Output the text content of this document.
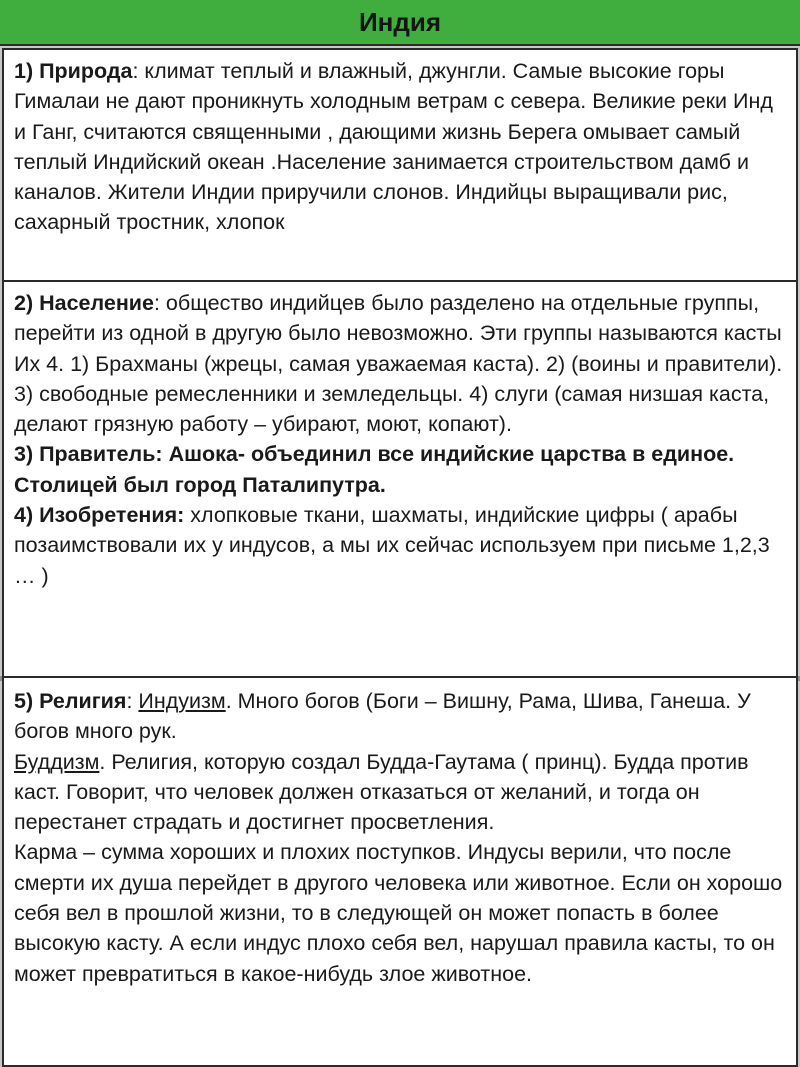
Индия

1) Природа: климат теплый и влажный, джунгли. Самые высокие горы Гималаи не дают проникнуть холодным ветрам с севера. Великие реки Инд и Ганг, считаются священными , дающими жизнь Берега омывает самый теплый Индийский океан .Население занимается строительством дамб и каналов. Жители Индии приручили слонов. Индийцы выращивали рис, сахарный тростник, хлопок

2) Население: общество индийцев было разделено на отдельные группы, перейти из одной в другую было невозможно. Эти группы называются касты Их 4. 1) Брахманы (жрецы, самая уважаемая каста). 2) (воины и правители). 3) свободные ремесленники и земледельцы. 4) слуги (самая низшая каста, делают грязную работу – убирают, моют, копают).

3) Правитель: Ашока- объединил все индийские царства в единое.

Столицей был город Паталипутра.

4) Изобретения: хлопковые ткани, шахматы, индийские цифры ( арабы позаимствовали их у индусов, а мы их сейчас используем при письме 1,2,3 … )

5) Религия: Индуизм. Много богов (Боги – Вишну, Рама, Шива, Ганеша. У богов много рук.

Буддизм. Религия, которую создал Будда-Гаутама ( принц). Будда против каст. Говорит, что человек должен отказаться от желаний, и тогда он перестанет страдать и достигнет просветления.

Карма – сумма хороших и плохих поступков. Индусы верили, что после смерти их душа перейдет в другого человека или животное. Если он хорошо себя вел в прошлой жизни, то в следующей он может попасть в более высокую касту. А если индус плохо себя вел, нарушал правила касты, то он может превратиться в какое-нибудь злое животное.
